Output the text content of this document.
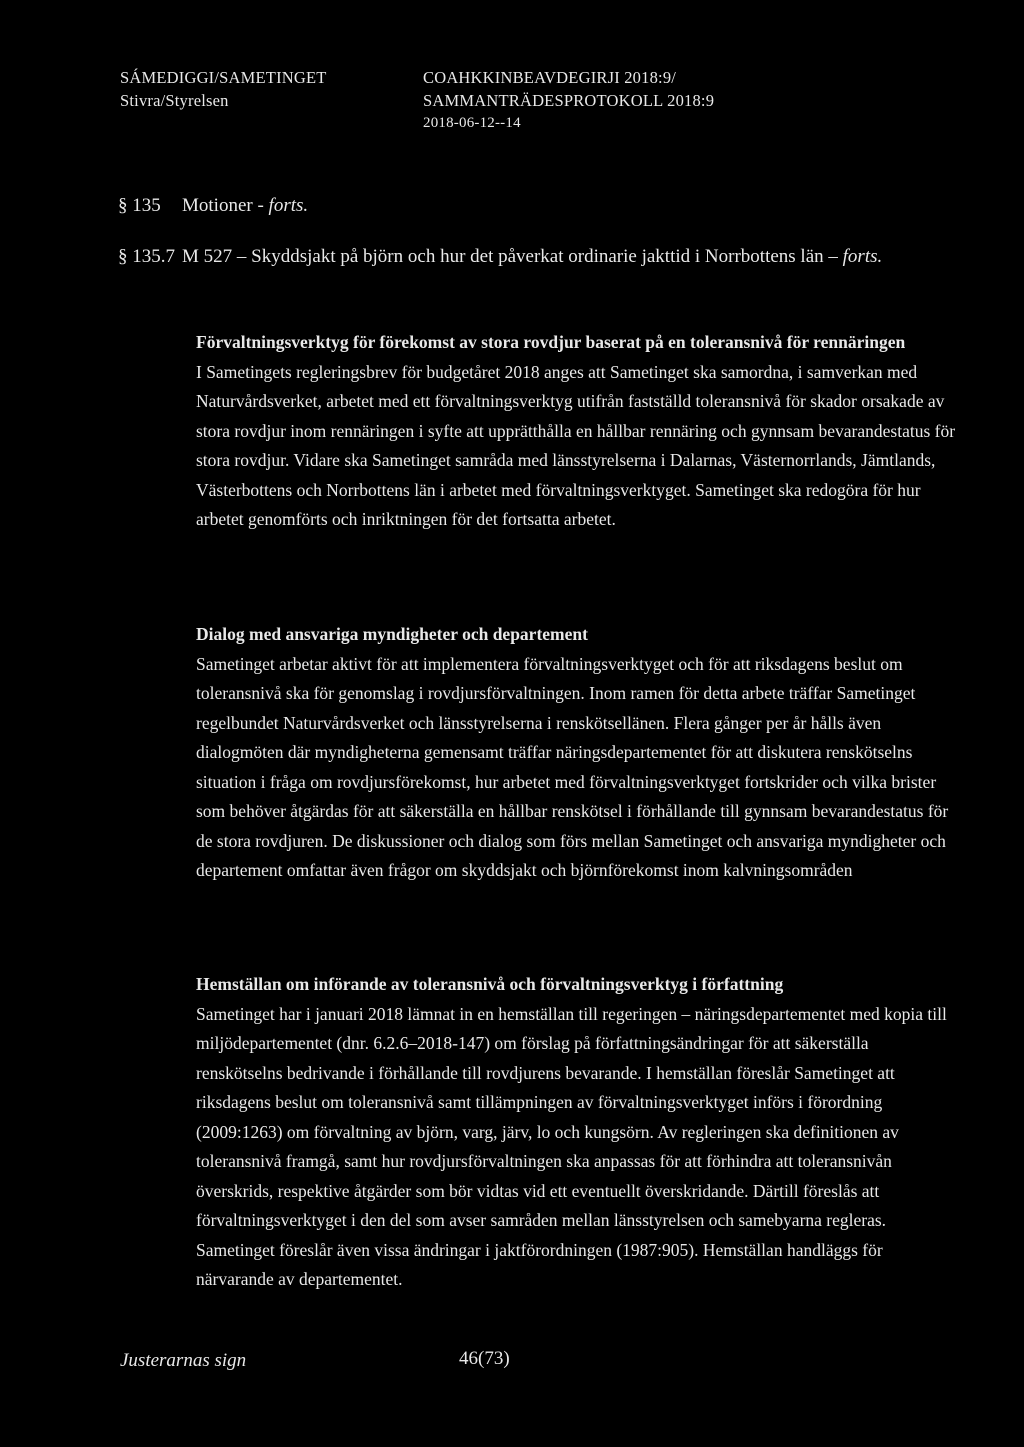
SÁMEDIGGI/SAMETINGET
Stivra/Styrelsen
COAHKKINBEAVDEGIRJI 2018:9/
SAMMANTRÄDESPROTOKOLL 2018:9
2018-06-12--14
§ 135 Motioner - forts.
§ 135.7 M 527 – Skyddsjakt på björn och hur det påverkat ordinarie jakttid i Norrbottens län – forts.
Förvaltningsverktyg för förekomst av stora rovdjur baserat på en toleransnivå för rennäringen

I Sametingets regleringsbrev för budgetåret 2018 anges att Sametinget ska samordna, i samverkan med Naturvårdsverket, arbetet med ett förvaltningsverktyg utifrån fastställd toleransnivå för skador orsakade av stora rovdjur inom rennäringen i syfte att upprätthålla en hållbar rennäring och gynnsam bevarandestatus för stora rovdjur. Vidare ska Sametinget samråda med länsstyrelserna i Dalarnas, Västernorrlands, Jämtlands, Västerbottens och Norrbottens län i arbetet med förvaltningsverktyget. Sametinget ska redogöra för hur arbetet genomförts och inriktningen för det fortsatta arbetet.

Dialog med ansvariga myndigheter och departement

Sametinget arbetar aktivt för att implementera förvaltningsverktyget och för att riksdagens beslut om toleransnivå ska för genomslag i rovdjursförvaltningen. Inom ramen för detta arbete träffar Sametinget regelbundet Naturvårdsverket och länsstyrelserna i renskötsellänen. Flera gånger per år hålls även dialogmöten där myndigheterna gemensamt träffar näringsdepartementet för att diskutera renskötselns situation i fråga om rovdjursförekomst, hur arbetet med förvaltningsverktyget fortskrider och vilka brister som behöver åtgärdas för att säkerställa en hållbar renskötsel i förhållande till gynnsam bevarandestatus för de stora rovdjuren. De diskussioner och dialog som förs mellan Sametinget och ansvariga myndigheter och departement omfattar även frågor om skyddsjakt och björnförekomst inom kalvningsområden

Hemställan om införande av toleransnivå och förvaltningsverktyg i författning

Sametinget har i januari 2018 lämnat in en hemställan till regeringen – näringsdepartementet med kopia till miljödepartementet (dnr. 6.2.6–2018-147) om förslag på författningsändringar för att säkerställa renskötselns bedrivande i förhållande till rovdjurens bevarande. I hemställan föreslår Sametinget att riksdagens beslut om toleransnivå samt tillämpningen av förvaltningsverktyget införs i förordning (2009:1263) om förvaltning av björn, varg, järv, lo och kungsörn. Av regleringen ska definitionen av toleransnivå framgå, samt hur rovdjursförvaltningen ska anpassas för att förhindra att toleransnivån överskrids, respektive åtgärder som bör vidtas vid ett eventuellt överskridande. Därtill föreslås att förvaltningsverktyget i den del som avser samråden mellan länsstyrelsen och samebyarna regleras. Sametinget föreslår även vissa ändringar i jaktförordningen (1987:905). Hemställan handläggs för närvarande av departementet.

Justerarnas sign	46(73)
